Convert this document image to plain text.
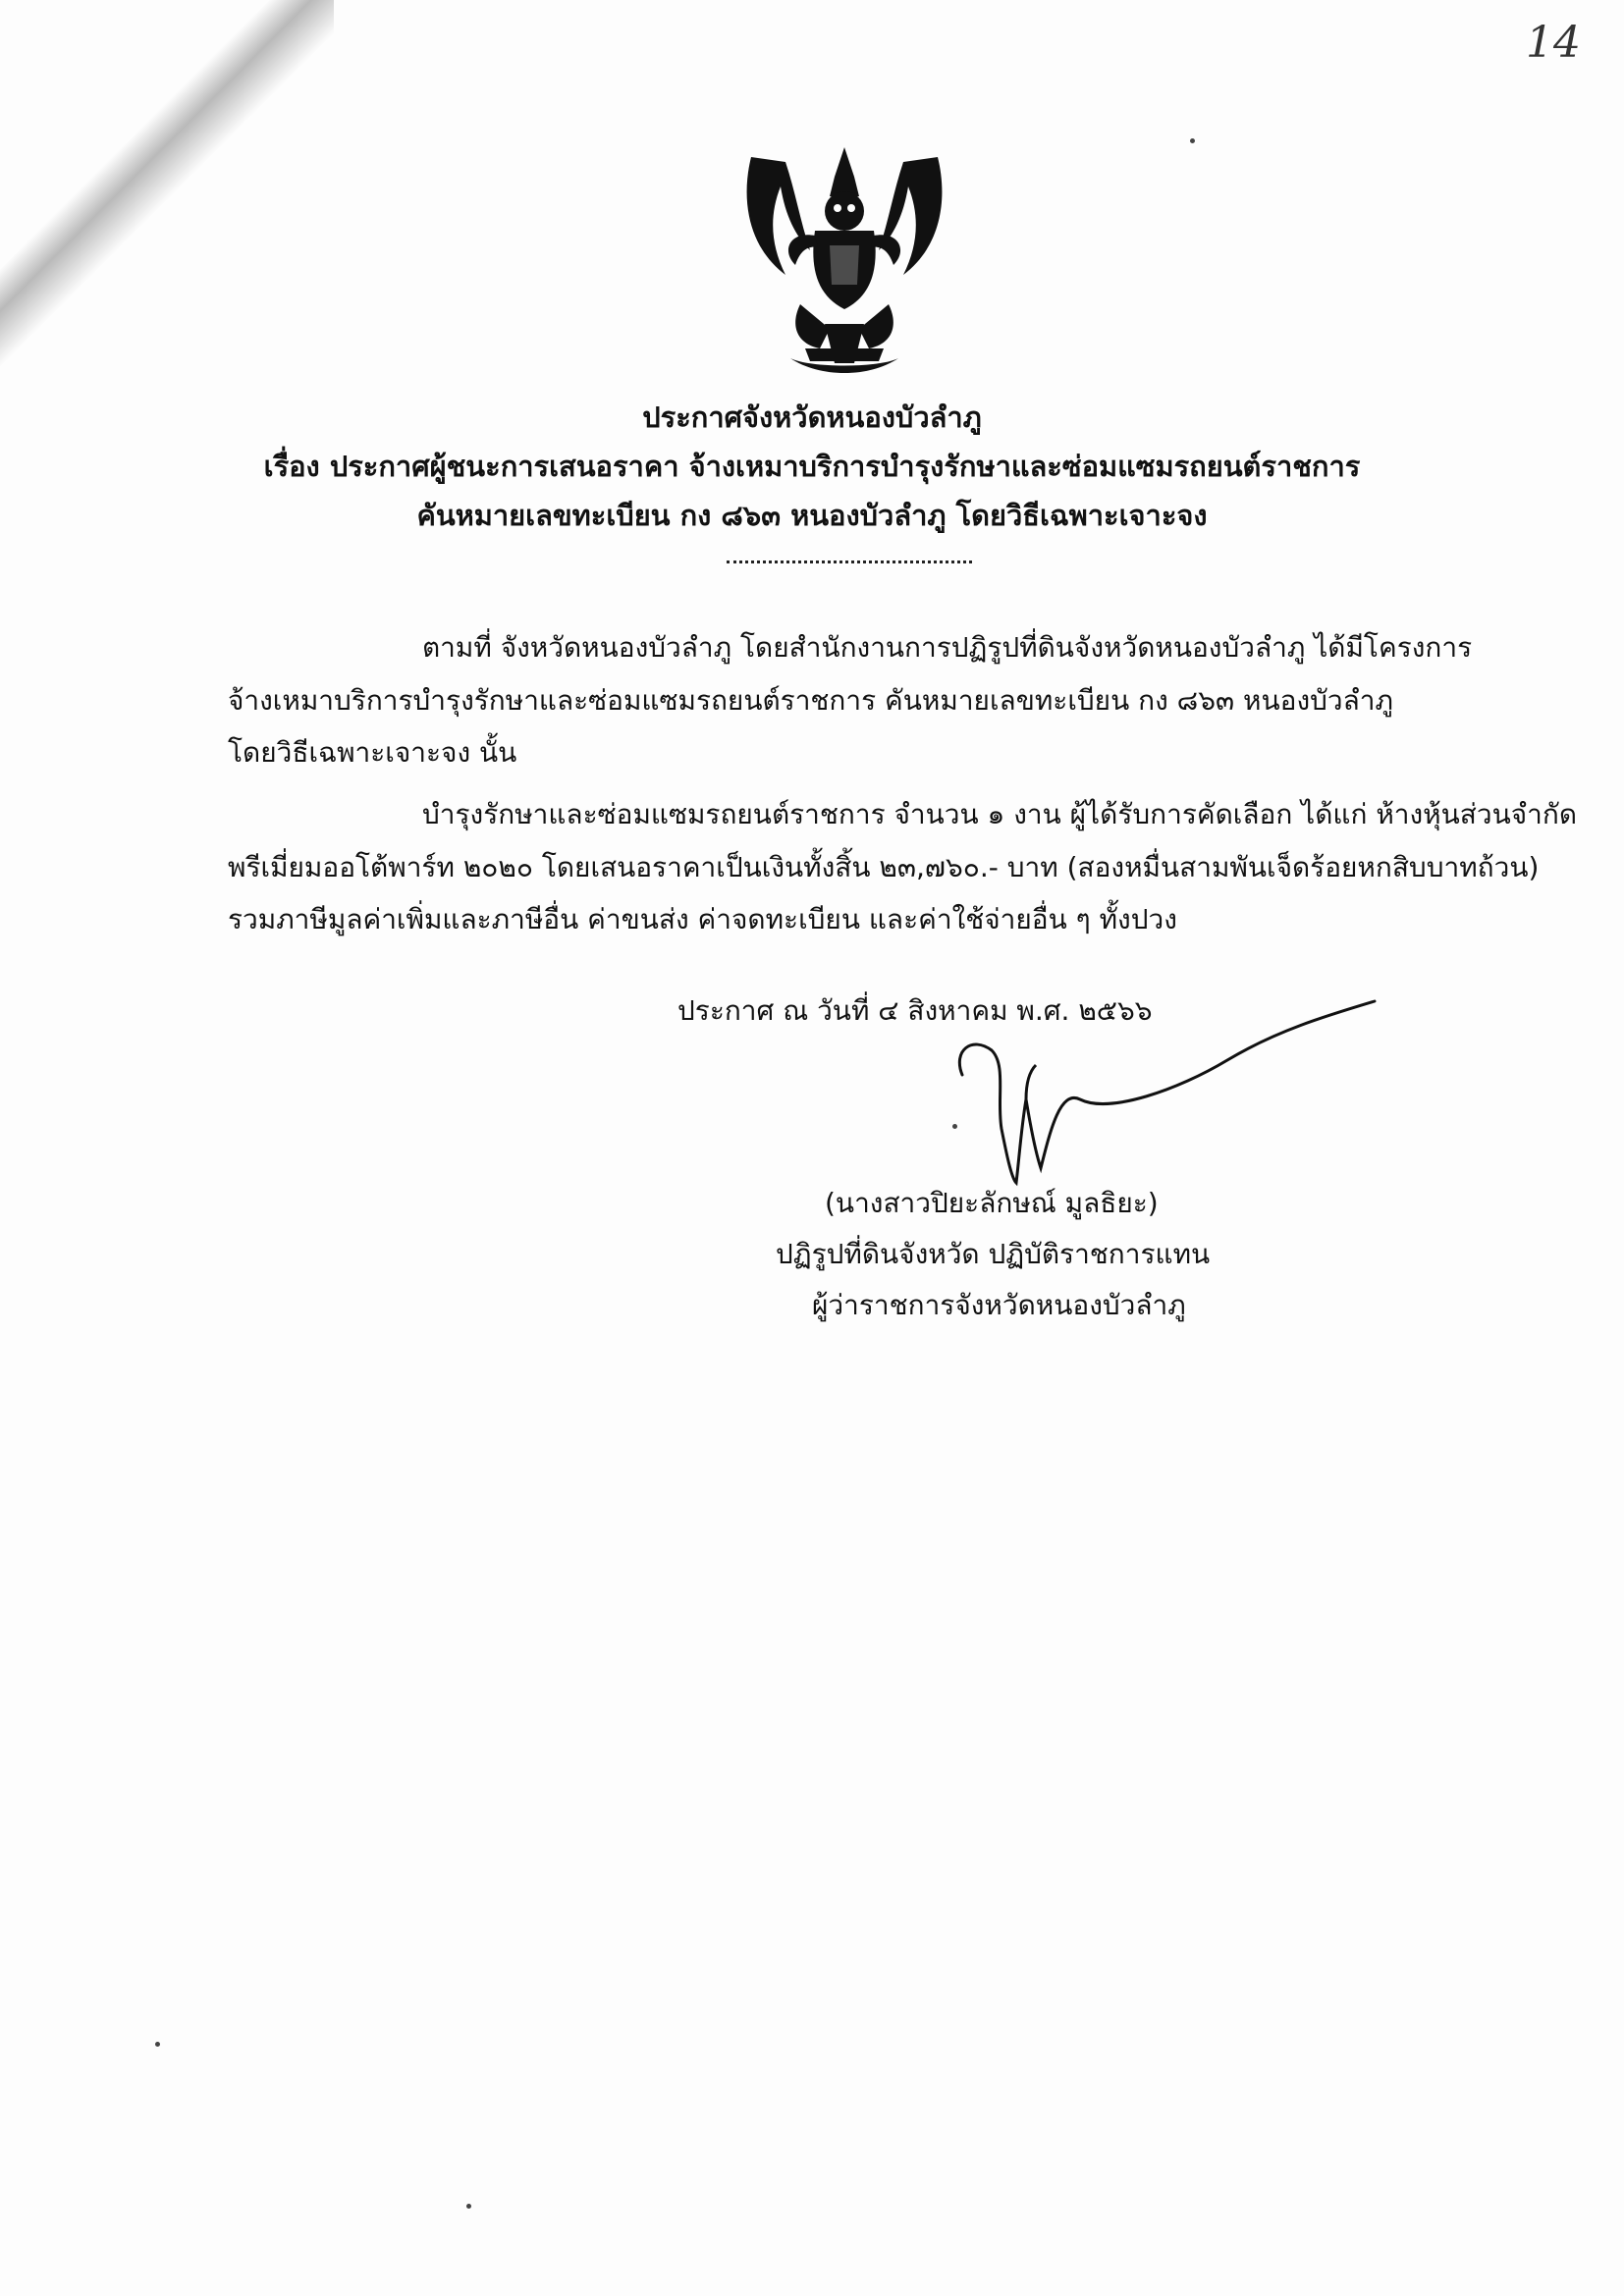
14
ประกาศจังหวัดหนองบัวลำภู
เรื่อง ประกาศผู้ชนะการเสนอราคา จ้างเหมาบริการบำรุงรักษาและซ่อมแซมรถยนต์ราชการ
คันหมายเลขทะเบียน กง ๘๖๓ หนองบัวลำภู โดยวิธีเฉพาะเจาะจง
ตามที่ จังหวัดหนองบัวลำภู โดยสำนักงานการปฏิรูปที่ดินจังหวัดหนองบัวลำภู ได้มีโครงการ
จ้างเหมาบริการบำรุงรักษาและซ่อมแซมรถยนต์ราชการ คันหมายเลขทะเบียน กง ๘๖๓ หนองบัวลำภู
โดยวิธีเฉพาะเจาะจง นั้น
บำรุงรักษาและซ่อมแซมรถยนต์ราชการ จำนวน ๑ งาน ผู้ได้รับการคัดเลือก ได้แก่ ห้างหุ้นส่วนจำกัด
พรีเมี่ยมออโต้พาร์ท ๒๐๒๐ โดยเสนอราคาเป็นเงินทั้งสิ้น ๒๓,๗๖๐.- บาท (สองหมื่นสามพันเจ็ดร้อยหกสิบบาทถ้วน)
รวมภาษีมูลค่าเพิ่มและภาษีอื่น ค่าขนส่ง ค่าจดทะเบียน และค่าใช้จ่ายอื่น ๆ ทั้งปวง
ประกาศ ณ วันที่ ๔ สิงหาคม พ.ศ. ๒๕๖๖
(นางสาวปิยะลักษณ์ มูลธิยะ)
ปฏิรูปที่ดินจังหวัด ปฏิบัติราชการแทน
ผู้ว่าราชการจังหวัดหนองบัวลำภู
